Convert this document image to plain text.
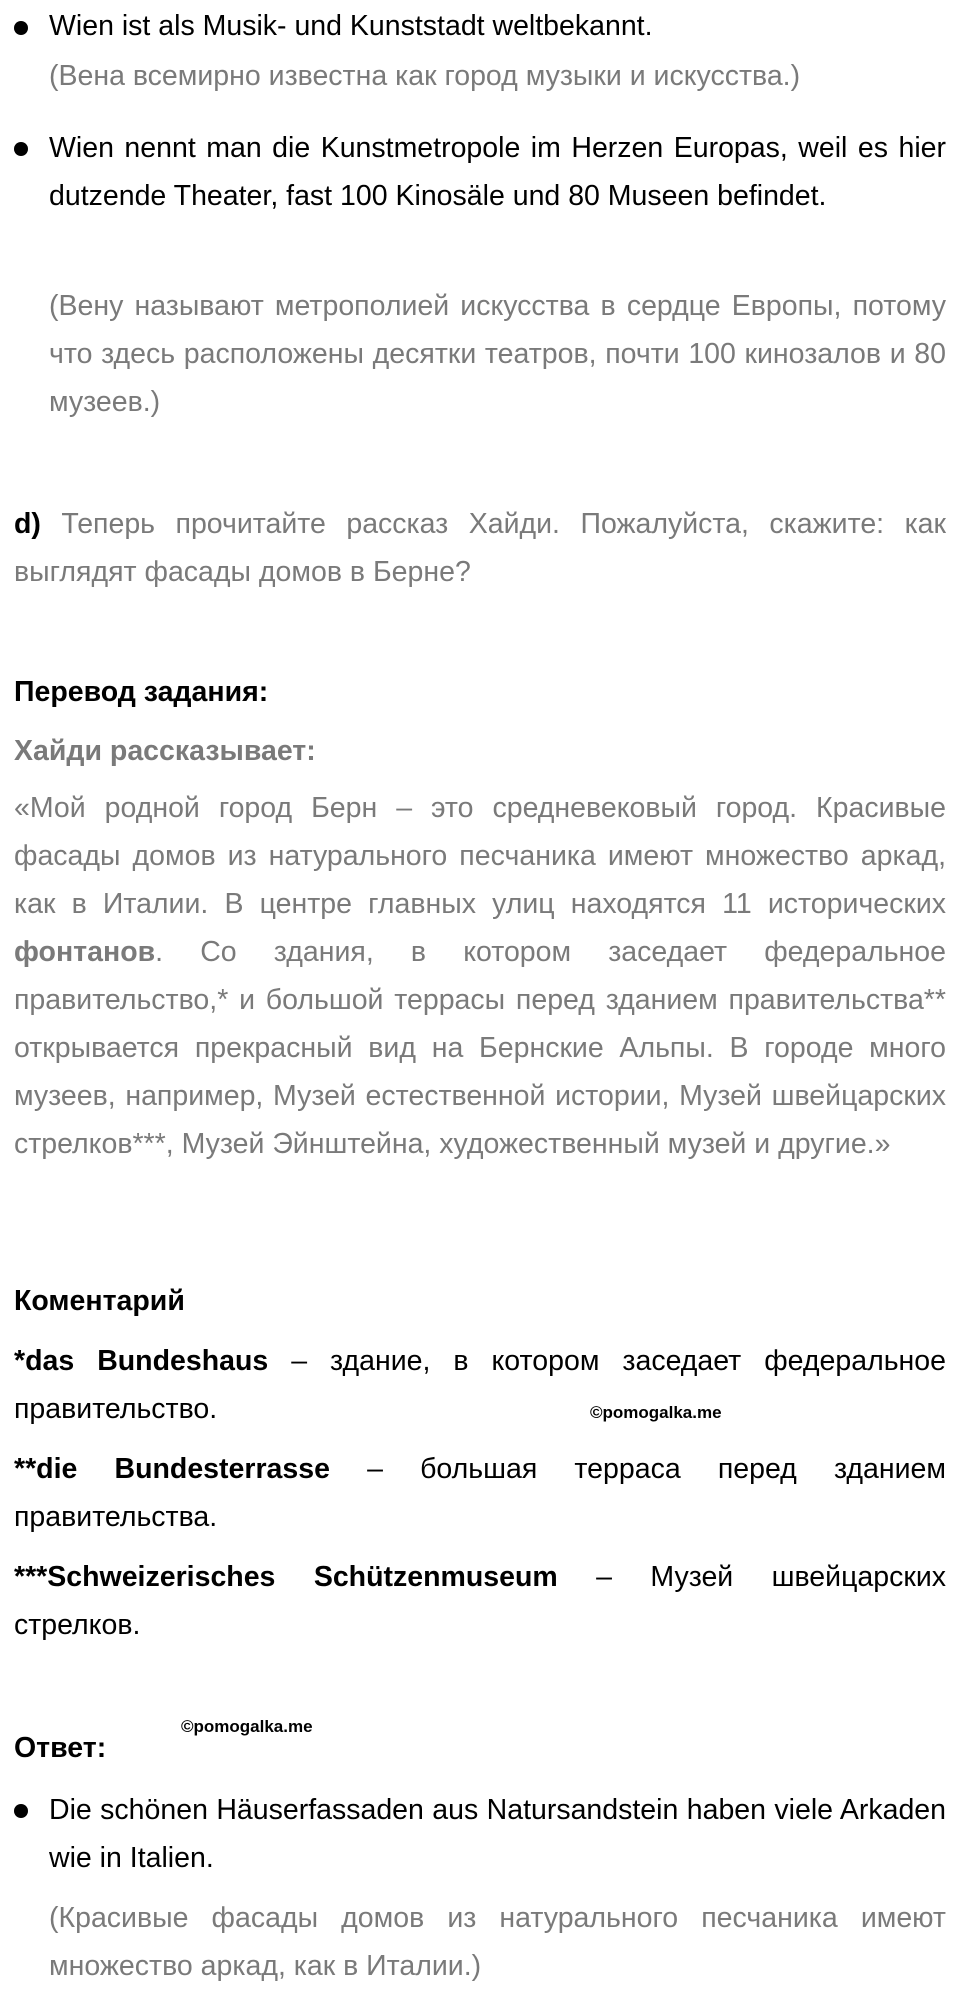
Wien ist als Musik- und Kunststadt weltbekannt.
(Вена всемирно известна как город музыки и искусства.)
Wien nennt man die Kunstmetropole im Herzen Europas, weil es hier dutzende Theater, fast 100 Kinosäle und 80 Museen befindet.
(Вену называют метрополией искусства в сердце Европы, потому что здесь расположены десятки театров, почти 100 кинозалов и 80 музеев.)
d) Теперь прочитайте рассказ Хайди. Пожалуйста, скажите: как выглядят фасады домов в Берне?
Перевод задания:
Хайди рассказывает:
«Мой родной город Берн – это средневековый город. Красивые фасады домов из натурального песчаника имеют множество аркад, как в Италии. В центре главных улиц находятся 11 исторических фонтанов. Со здания, в котором заседает федеральное правительство,* и большой террасы перед зданием правительства** открывается прекрасный вид на Бернские Альпы. В городе много музеев, например, Музей естественной истории, Музей швейцарских стрелков***, Музей Эйнштейна, художественный музей и другие.»
Коментарий
*das Bundeshaus – здание, в котором заседает федеральное правительство.	©pomogalka.me
**die Bundesterrasse – большая терраса перед зданием правительства.
***Schweizerisches Schützenmuseum – Музей швейцарских стрелков.
©pomogalka.me
Ответ:
Die schönen Häuserfassaden aus Natursandstein haben viele Arkaden wie in Italien.
(Красивые фасады домов из натурального песчаника имеют множество аркад, как в Италии.)
